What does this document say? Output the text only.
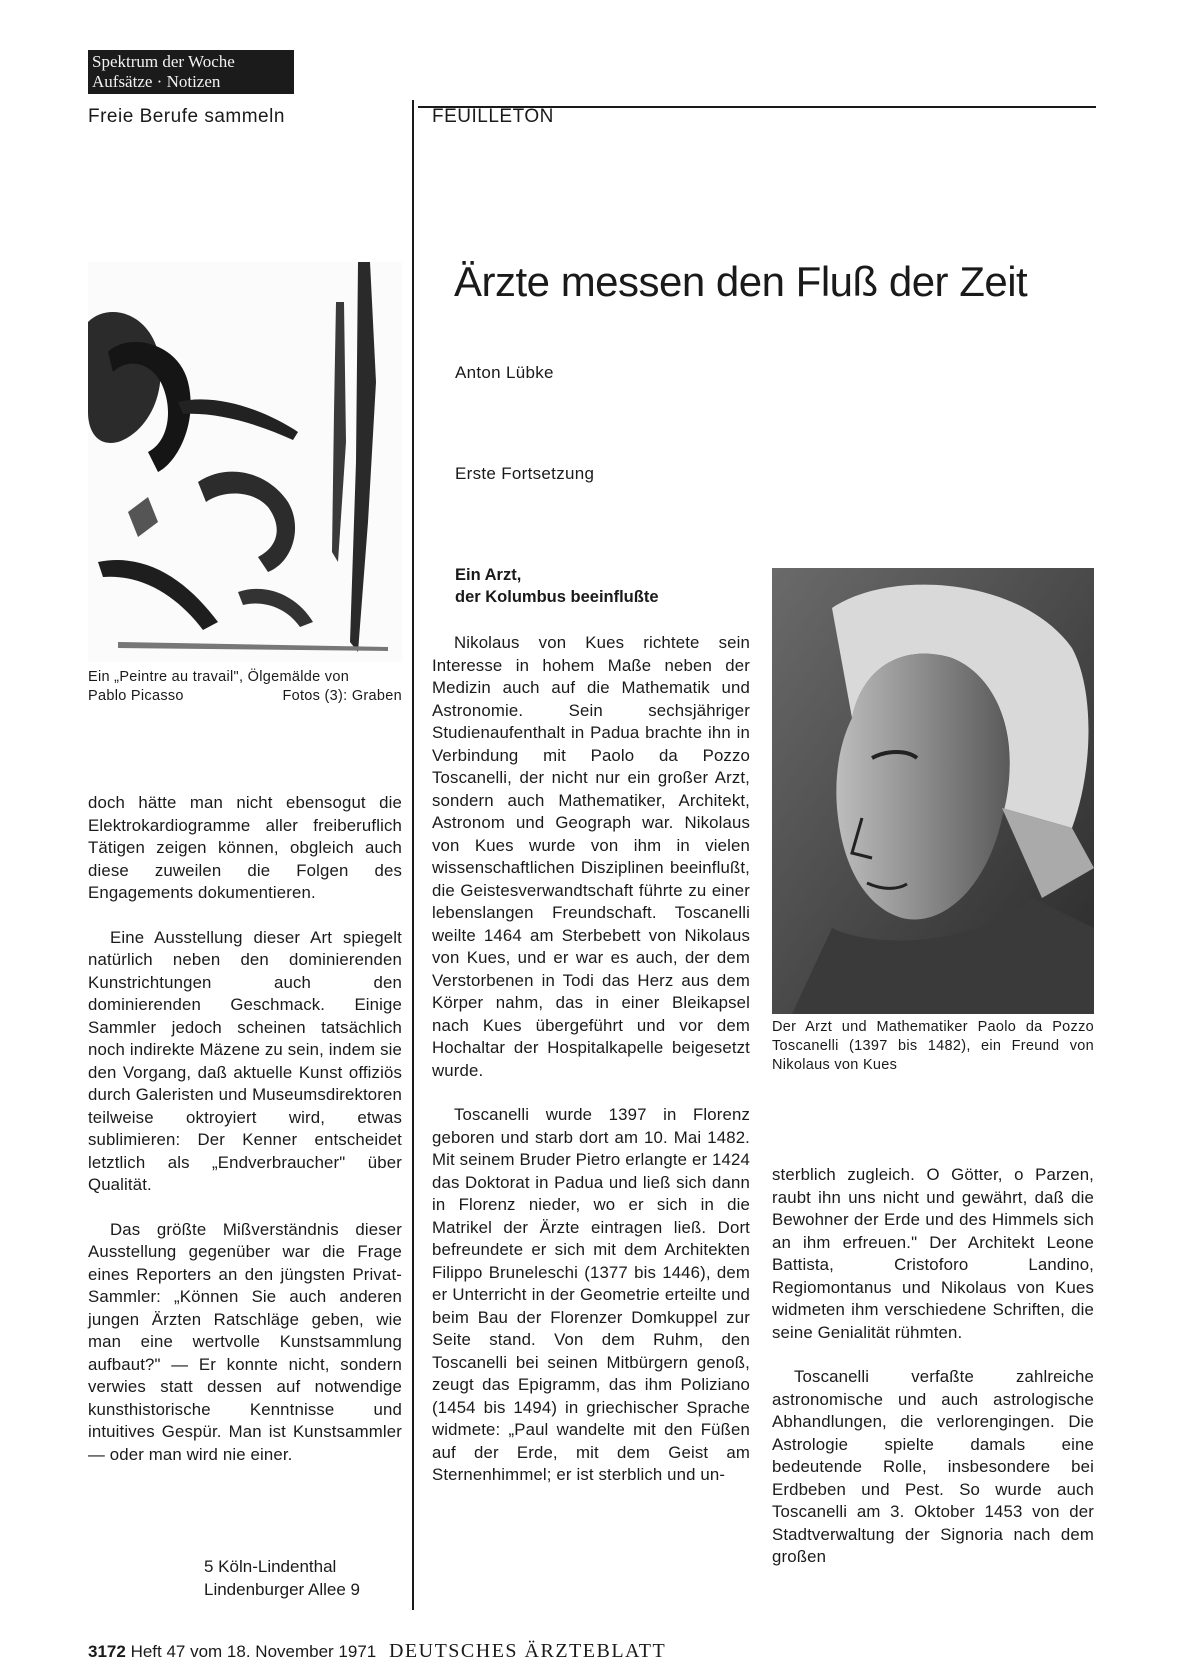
Spektrum der Woche
Aufsätze · Notizen
Freie Berufe sammeln	FEUILLETON
Ärzte messen den Fluß der Zeit
Anton Lübke
Erste Fortsetzung
Ein „Peintre au travail", Ölgemälde von
Pablo Picasso	Fotos (3): Graben

doch hätte man nicht ebensogut die Elektrokardiogramme aller freiberuflich Tätigen zeigen können, obgleich auch diese zuweilen die Folgen des Engagements dokumentieren.

Eine Ausstellung dieser Art spiegelt natürlich neben den dominierenden Kunstrichtungen auch den dominierenden Geschmack. Einige Sammler jedoch scheinen tatsächlich noch indirekte Mäzene zu sein, indem sie den Vorgang, daß aktuelle Kunst offiziös durch Galeristen und Museumsdirektoren teilweise oktroyiert wird, etwas sublimieren: Der Kenner entscheidet letztlich als „Endverbraucher" über Qualität.

Das größte Mißverständnis dieser Ausstellung gegenüber war die Frage eines Reporters an den jüngsten Privat-Sammler: „Können Sie auch anderen jungen Ärzten Ratschläge geben, wie man eine wertvolle Kunstsammlung aufbaut?" — Er konnte nicht, sondern verwies statt dessen auf notwendige kunsthistorische Kenntnisse und intuitives Gespür. Man ist Kunstsammler — oder man wird nie einer.

5 Köln-Lindenthal
Lindenburger Allee 9
Ein Arzt,
der Kolumbus beeinflußte

Nikolaus von Kues richtete sein Interesse in hohem Maße neben der Medizin auch auf die Mathematik und Astronomie. Sein sechsjähriger Studienaufenthalt in Padua brachte ihn in Verbindung mit Paolo da Pozzo Toscanelli, der nicht nur ein großer Arzt, sondern auch Mathematiker, Architekt, Astronom und Geograph war. Nikolaus von Kues wurde von ihm in vielen wissenschaftlichen Disziplinen beeinflußt, die Geistesverwandtschaft führte zu einer lebenslangen Freundschaft. Toscanelli weilte 1464 am Sterbebett von Nikolaus von Kues, und er war es auch, der dem Verstorbenen in Todi das Herz aus dem Körper nahm, das in einer Bleikapsel nach Kues übergeführt und vor dem Hochaltar der Hospitalkapelle beigesetzt wurde.

Toscanelli wurde 1397 in Florenz geboren und starb dort am 10. Mai 1482. Mit seinem Bruder Pietro erlangte er 1424 das Doktorat in Padua und ließ sich dann in Florenz nieder, wo er sich in die Matrikel der Ärzte eintragen ließ. Dort befreundete er sich mit dem Architekten Filippo Bruneleschi (1377 bis 1446), dem er Unterricht in der Geometrie erteilte und beim Bau der Florenzer Domkuppel zur Seite stand. Von dem Ruhm, den Toscanelli bei seinen Mitbürgern genoß, zeugt das Epigramm, das ihm Poliziano (1454 bis 1494) in griechischer Sprache widmete: „Paul wandelte mit den Füßen auf der Erde, mit dem Geist am Sternenhimmel; er ist sterblich und un-

Der Arzt und Mathematiker Paolo da Pozzo Toscanelli (1397 bis 1482), ein Freund von Nikolaus von Kues

sterblich zugleich. O Götter, o Parzen, raubt ihn uns nicht und gewährt, daß die Bewohner der Erde und des Himmels sich an ihm erfreuen." Der Architekt Leone Battista, Cristoforo Landino, Regiomontanus und Nikolaus von Kues widmeten ihm verschiedene Schriften, die seine Genialität rühmten.

Toscanelli verfaßte zahlreiche astronomische und auch astrologische Abhandlungen, die verlorengingen. Die Astrologie spielte damals eine bedeutende Rolle, insbesondere bei Erdbeben und Pest. So wurde auch Toscanelli am 3. Oktober 1453 von der Stadtverwaltung der Signoria nach dem großen

3172 Heft 47 vom 18. November 1971 DEUTSCHES ÄRZTEBLATT
